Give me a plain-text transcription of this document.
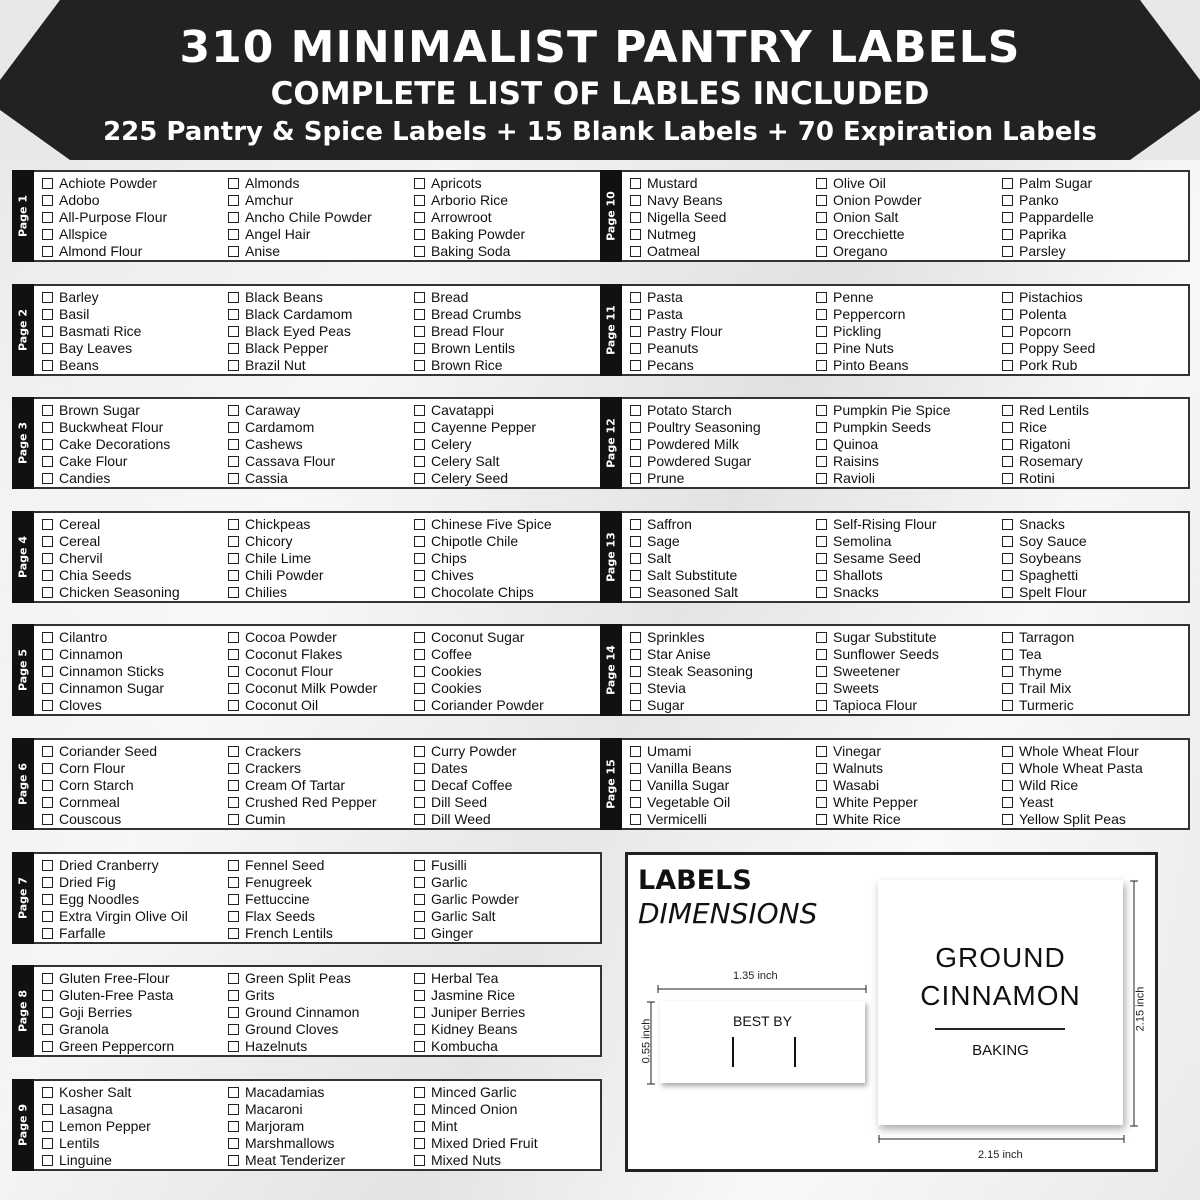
310 MINIMALIST PANTRY LABELS
COMPLETE LIST OF LABLES INCLUDED
225 Pantry & Spice Labels + 15 Blank Labels + 70 Expiration Labels
Page 1
Achiote Powder
Adobo
All-Purpose Flour
Allspice
Almond Flour
Almonds
Amchur
Ancho Chile Powder
Angel Hair
Anise
Apricots
Arborio Rice
Arrowroot
Baking Powder
Baking Soda
Page 2
Barley
Basil
Basmati Rice
Bay Leaves
Beans
Black Beans
Black Cardamom
Black Eyed Peas
Black Pepper
Brazil Nut
Bread
Bread Crumbs
Bread Flour
Brown Lentils
Brown Rice
Page 3
Brown Sugar
Buckwheat Flour
Cake Decorations
Cake Flour
Candies
Caraway
Cardamom
Cashews
Cassava Flour
Cassia
Cavatappi
Cayenne Pepper
Celery
Celery Salt
Celery Seed
Page 4
Cereal
Cereal
Chervil
Chia Seeds
Chicken Seasoning
Chickpeas
Chicory
Chile Lime
Chili Powder
Chilies
Chinese Five Spice
Chipotle Chile
Chips
Chives
Chocolate Chips
Page 5
Cilantro
Cinnamon
Cinnamon Sticks
Cinnamon Sugar
Cloves
Cocoa Powder
Coconut Flakes
Coconut Flour
Coconut Milk Powder
Coconut Oil
Coconut Sugar
Coffee
Cookies
Cookies
Coriander Powder
Page 6
Coriander Seed
Corn Flour
Corn Starch
Cornmeal
Couscous
Crackers
Crackers
Cream Of Tartar
Crushed Red Pepper
Cumin
Curry Powder
Dates
Decaf Coffee
Dill Seed
Dill Weed
Page 7
Dried Cranberry
Dried Fig
Egg Noodles
Extra Virgin Olive Oil
Farfalle
Fennel Seed
Fenugreek
Fettuccine
Flax Seeds
French Lentils
Fusilli
Garlic
Garlic Powder
Garlic Salt
Ginger
Page 8
Gluten Free-Flour
Gluten-Free Pasta
Goji Berries
Granola
Green Peppercorn
Green Split Peas
Grits
Ground Cinnamon
Ground Cloves
Hazelnuts
Herbal Tea
Jasmine Rice
Juniper Berries
Kidney Beans
Kombucha
Page 9
Kosher Salt
Lasagna
Lemon Pepper
Lentils
Linguine
Macadamias
Macaroni
Marjoram
Marshmallows
Meat Tenderizer
Minced Garlic
Minced Onion
Mint
Mixed Dried Fruit
Mixed Nuts
Page 10
Mustard
Navy Beans
Nigella Seed
Nutmeg
Oatmeal
Olive Oil
Onion Powder
Onion Salt
Orecchiette
Oregano
Palm Sugar
Panko
Pappardelle
Paprika
Parsley
Page 11
Pasta
Pasta
Pastry Flour
Peanuts
Pecans
Penne
Peppercorn
Pickling
Pine Nuts
Pinto Beans
Pistachios
Polenta
Popcorn
Poppy Seed
Pork Rub
Page 12
Potato Starch
Poultry Seasoning
Powdered Milk
Powdered Sugar
Prune
Pumpkin Pie Spice
Pumpkin Seeds
Quinoa
Raisins
Ravioli
Red Lentils
Rice
Rigatoni
Rosemary
Rotini
Page 13
Saffron
Sage
Salt
Salt Substitute
Seasoned Salt
Self-Rising Flour
Semolina
Sesame Seed
Shallots
Snacks
Snacks
Soy Sauce
Soybeans
Spaghetti
Spelt Flour
Page 14
Sprinkles
Star Anise
Steak Seasoning
Stevia
Sugar
Sugar Substitute
Sunflower Seeds
Sweetener
Sweets
Tapioca Flour
Tarragon
Tea
Thyme
Trail Mix
Turmeric
Page 15
Umami
Vanilla Beans
Vanilla Sugar
Vegetable Oil
Vermicelli
Vinegar
Walnuts
Wasabi
White Pepper
White Rice
Whole Wheat Flour
Whole Wheat Pasta
Wild Rice
Yeast
Yellow Split Peas
LABELS
DIMENSIONS
1.35 inch
0.55 inch	BEST BY
GROUND
CINNAMON
BAKING
2.15 inch
2.15 inch
